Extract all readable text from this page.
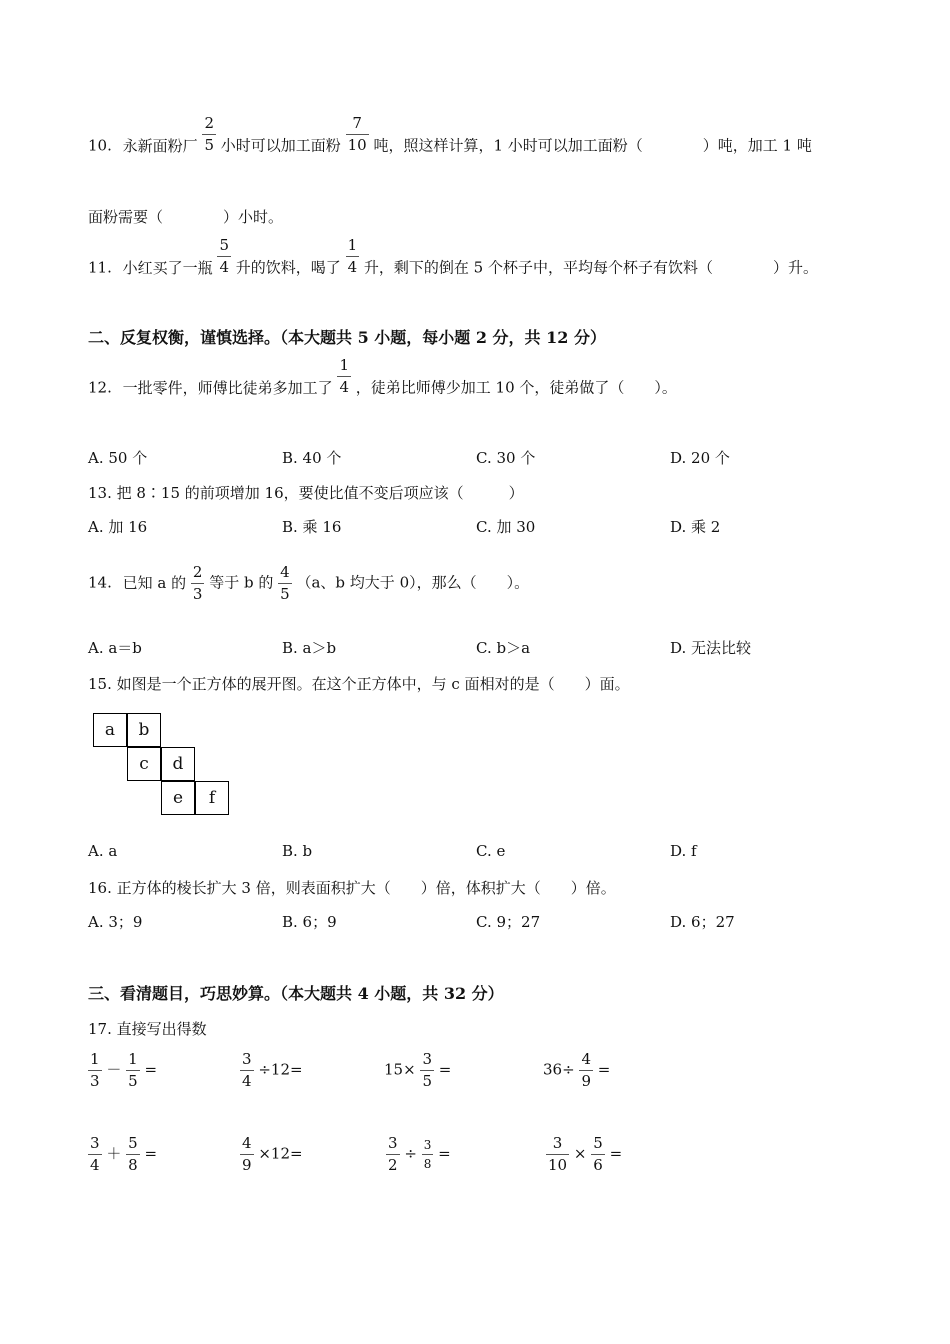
10. 永新面粉厂 $\frac{2}{5}$ 小时可以加工面粉 $\frac{7}{10}$ 吨，照这样计算，1 小时可以加工面粉（　　　　）吨，加工 1 吨
面粉需要（　　　　）小时。
11. 小红买了一瓶 $\frac{5}{4}$ 升的饮料，喝了 $\frac{1}{4}$ 升，剩下的倒在 5 个杯子中，平均每个杯子有饮料（　　　　）升。
二、反复权衡，谨慎选择。（本大题共 5 小题，每小题 2 分，共 12 分）
12. 一批零件，师傅比徒弟多加工了 $\frac{1}{4}$ ，徒弟比师傅少加工 10 个，徒弟做了（　　）。
A. 50 个	B. 40 个	C. 30 个	D. 20 个
13. 把 8∶15 的前项增加 16，要使比值不变后项应该（　　　）
A. 加 16	B. 乘 16	C. 加 30	D. 乘 2
14. 已知 a 的 $\frac{2}{3}$ 等于 b 的 $\frac{4}{5} (a$、b 均大于 0），那么（　　）。
A. a＝b	B. a＞b	C. b＞a	D. 无法比较
15. 如图是一个正方体的展开图。在这个正方体中，与 c 面相对的是（　　）面。
a	b
c	d
e	f
A. a	B. b	C. e	D. f
16. 正方体的棱长扩大 3 倍，则表面积扩大（　　）倍，体积扩大（　　）倍。
A. 3；9	B. 6；9	C. 9；27	D. 6；27
三、看清题目，巧思妙算。（本大题共 4 小题，共 32 分）
17. 直接写出得数
$\frac{1}{3} - \frac{1}{5}$ =	$\frac{3}{4} \div 12=$	$15\times \frac{3}{5}$ =	$36\div \frac{4}{9}$ =
$\frac{3}{4} + \frac{5}{8}$ =	$\frac{4}{9} \times 12=$	$\frac{3}{2} \div \frac{3}{8}$ =	$\frac{3}{10} \times \frac{5}{6}$ =
